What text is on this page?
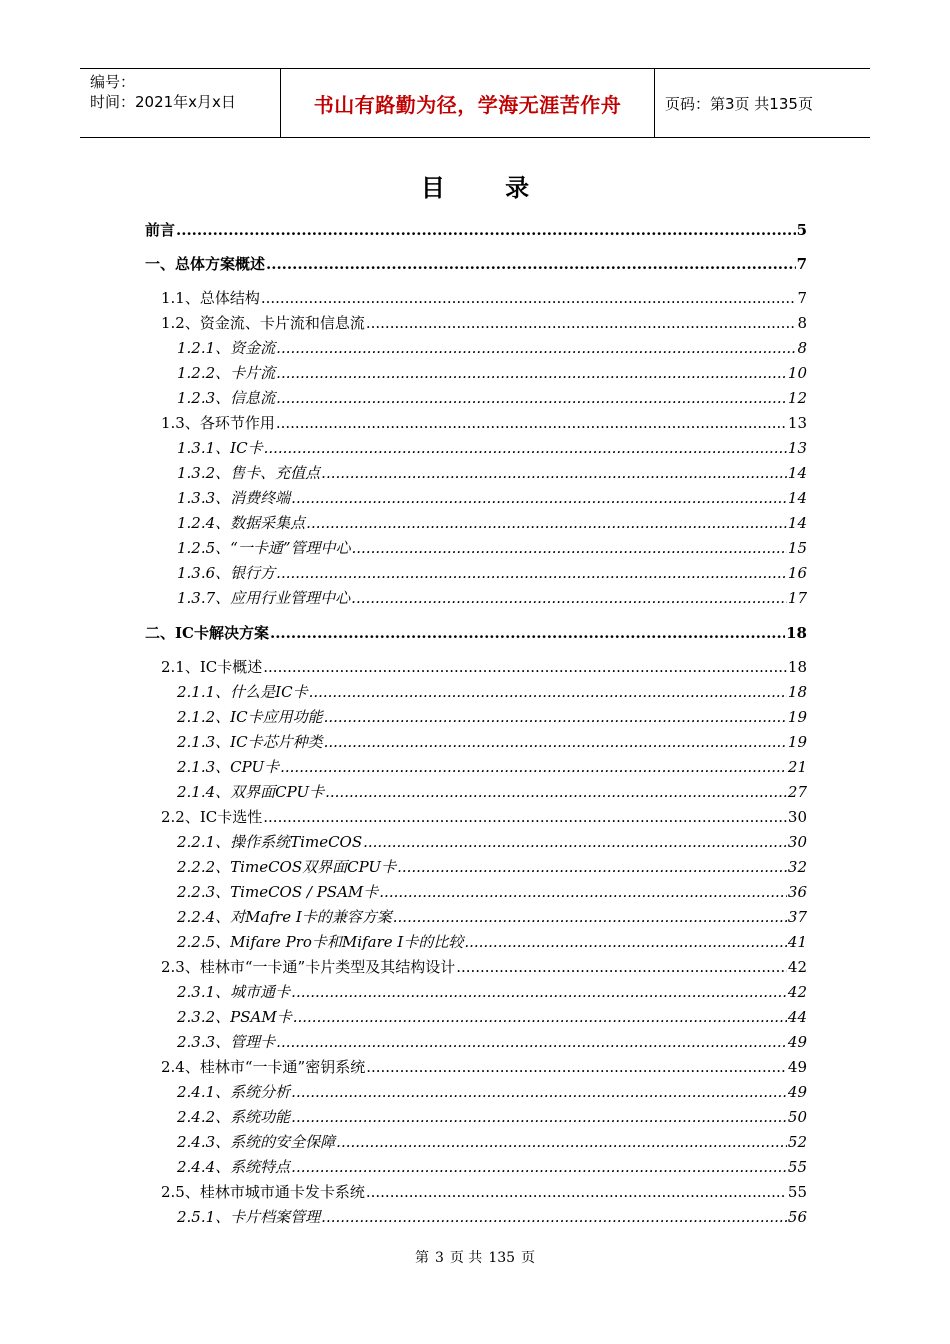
编号：
时间：2021年x月x日	书山有路勤为径，学海无涯苦作舟	页码：第3页 共135页
目 录
前言 .....	5
一、总体方案概述 .....	7
1.1、总体结构 .....	7
1.2、资金流、卡片流和信息流 .....	8
1.2.1、资金流 .....	8
1.2.2、卡片流 .....	10
1.2.3、信息流 .....	12
1.3、各环节作用 .....	13
1.3.1、IC卡 .....	13
1.3.2、售卡、充值点 .....	14
1.3.3、消费终端 .....	14
1.2.4、数据采集点 .....	14
1.2.5、“一卡通”管理中心 .....	15
1.3.6、银行方 .....	16
1.3.7、应用行业管理中心 .....	17
二、IC卡解决方案 .....	18
2.1、IC卡概述 .....	18
2.1.1、什么是IC卡 .....	18
2.1.2、IC卡应用功能 .....	19
2.1.3、IC卡芯片种类 .....	19
2.1.3、CPU卡 .....	21
2.1.4、双界面CPU卡 .....	27
2.2、IC卡选性 .....	30
2.2.1、操作系统TimeCOS .....	30
2.2.2、TimeCOS双界面CPU卡 .....	32
2.2.3、TimeCOS / PSAM卡 .....	36
2.2.4、对Mafre I卡的兼容方案 .....	37
2.2.5、Mifare Pro卡和Mifare I卡的比较 .....	41
2.3、桂林市“一卡通”卡片类型及其结构设计 .....	42
2.3.1、城市通卡 .....	42
2.3.2、PSAM卡 .....	44
2.3.3、管理卡 .....	49
2.4、桂林市“一卡通”密钥系统 .....	49
2.4.1、系统分析 .....	49
2.4.2、系统功能 .....	50
2.4.3、系统的安全保障 .....	52
2.4.4、系统特点 .....	55
2.5、桂林市城市通卡发卡系统 .....	55
2.5.1、卡片档案管理 .....	56
第 3 页 共 135 页
